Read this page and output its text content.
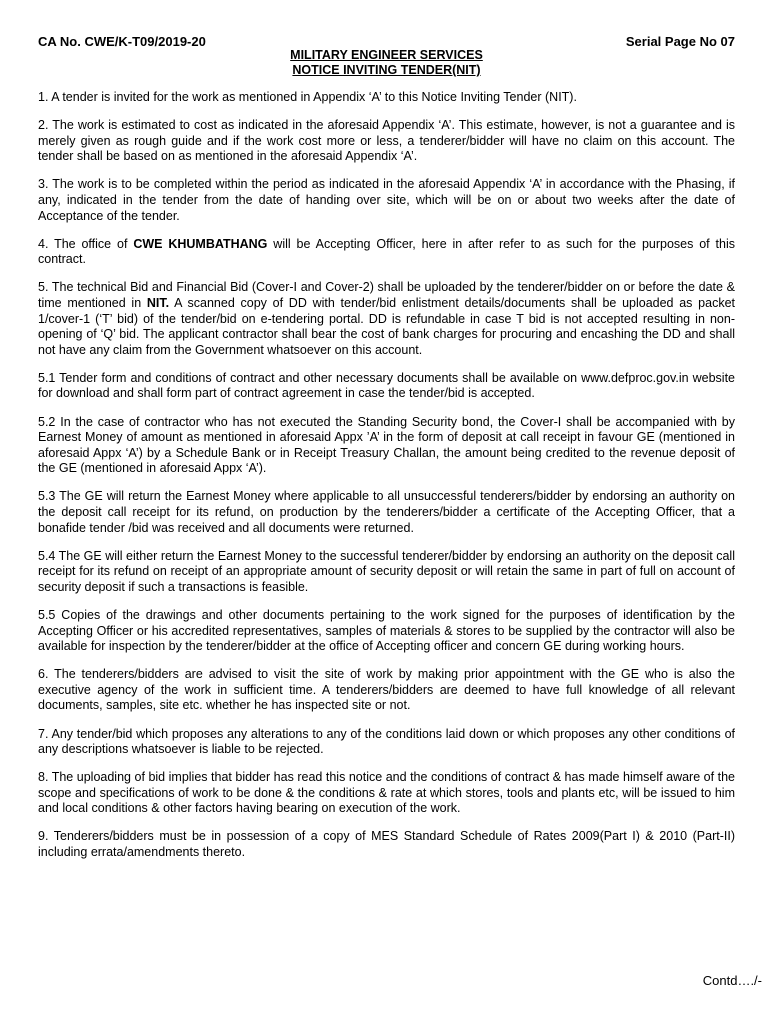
CA No. CWE/K-T09/2019-20	Serial Page No 07
MILITARY ENGINEER SERVICES
NOTICE INVITING TENDER(NIT)

1. A tender is invited for the work as mentioned in Appendix ‘A’ to this Notice Inviting Tender (NIT).

2. The work is estimated to cost as indicated in the aforesaid Appendix ‘A’. This estimate, however, is not a guarantee and is merely given as rough guide and if the work cost more or less, a tenderer/bidder will have no claim on this account. The tender shall be based on as mentioned in the aforesaid Appendix ‘A’.

3. The work is to be completed within the period as indicated in the aforesaid Appendix ‘A’ in accordance with the Phasing, if any, indicated in the tender from the date of handing over site, which will be on or about two weeks after the date of Acceptance of the tender.

4. The office of CWE KHUMBATHANG will be Accepting Officer, here in after refer to as such for the purposes of this contract.

5. The technical Bid and Financial Bid (Cover-I and Cover-2) shall be uploaded by the tenderer/bidder on or before the date & time mentioned in NIT. A scanned copy of DD with tender/bid enlistment details/documents shall be uploaded as packet 1/cover-1 (‘T’ bid) of the tender/bid on e-tendering portal. DD is refundable in case T bid is not accepted resulting in non-opening of ‘Q’ bid. The applicant contractor shall bear the cost of bank charges for procuring and encashing the DD and shall not have any claim from the Government whatsoever on this account.

5.1 Tender form and conditions of contract and other necessary documents shall be available on www.defproc.gov.in website for download and shall form part of contract agreement in case the tender/bid is accepted.

5.2 In the case of contractor who has not executed the Standing Security bond, the Cover-I shall be accompanied with by Earnest Money of amount as mentioned in aforesaid Appx ’A’ in the form of deposit at call receipt in favour GE (mentioned in aforesaid Appx ‘A’) by a Schedule Bank or in Receipt Treasury Challan, the amount being credited to the revenue deposit of the GE (mentioned in aforesaid Appx ‘A’).

5.3 The GE will return the Earnest Money where applicable to all unsuccessful tenderers/bidder by endorsing an authority on the deposit call receipt for its refund, on production by the tenderers/bidder a certificate of the Accepting Officer, that a bonafide tender /bid was received and all documents were returned.

5.4 The GE will either return the Earnest Money to the successful tenderer/bidder by endorsing an authority on the deposit call receipt for its refund on receipt of an appropriate amount of security deposit or will retain the same in part of full on account of security deposit if such a transactions is feasible.

5.5 Copies of the drawings and other documents pertaining to the work signed for the purposes of identification by the Accepting Officer or his accredited representatives, samples of materials & stores to be supplied by the contractor will also be available for inspection by the tenderer/bidder at the office of Accepting officer and concern GE during working hours.

6. The tenderers/bidders are advised to visit the site of work by making prior appointment with the GE who is also the executive agency of the work in sufficient time. A tenderers/bidders are deemed to have full knowledge of all relevant documents, samples, site etc. whether he has inspected site or not.

7. Any tender/bid which proposes any alterations to any of the conditions laid down or which proposes any other conditions of any descriptions whatsoever is liable to be rejected.

8. The uploading of bid implies that bidder has read this notice and the conditions of contract & has made himself aware of the scope and specifications of work to be done & the conditions & rate at which stores, tools and plants etc, will be issued to him and local conditions & other factors having bearing on execution of the work.

9. Tenderers/bidders must be in possession of a copy of MES Standard Schedule of Rates 2009(Part I) & 2010 (Part-II) including errata/amendments thereto.

Contd…./-
